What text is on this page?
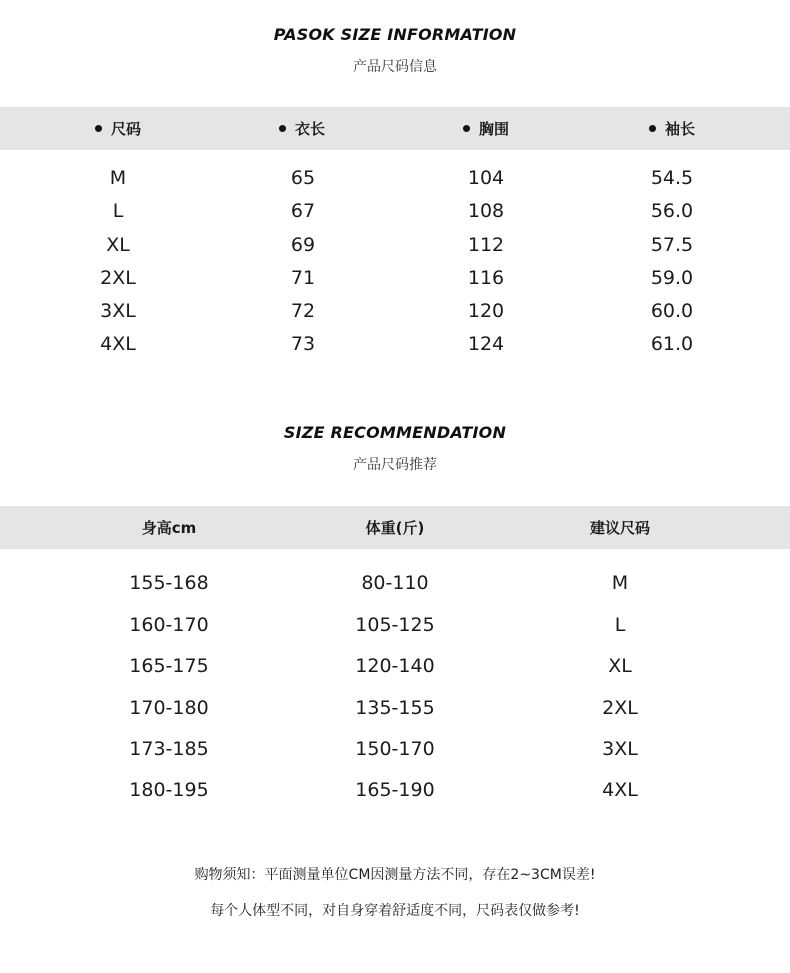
PASOK SIZE INFORMATION
产品尺码信息
尺码	衣长	胸围	袖长
M	65	104	54.5
L	67	108	56.0
XL	69	112	57.5
2XL	71	116	59.0
3XL	72	120	60.0
4XL	73	124	61.0
SIZE RECOMMENDATION
产品尺码推荐
身高cm	体重(斤)	建议尺码
155-168	80-110	M
160-170	105-125	L
165-175	120-140	XL
170-180	135-155	2XL
173-185	150-170	3XL
180-195	165-190	4XL
购物须知：平面测量单位CM因测量方法不同，存在2~3CM误差!
每个人体型不同，对自身穿着舒适度不同，尺码表仅做参考!
